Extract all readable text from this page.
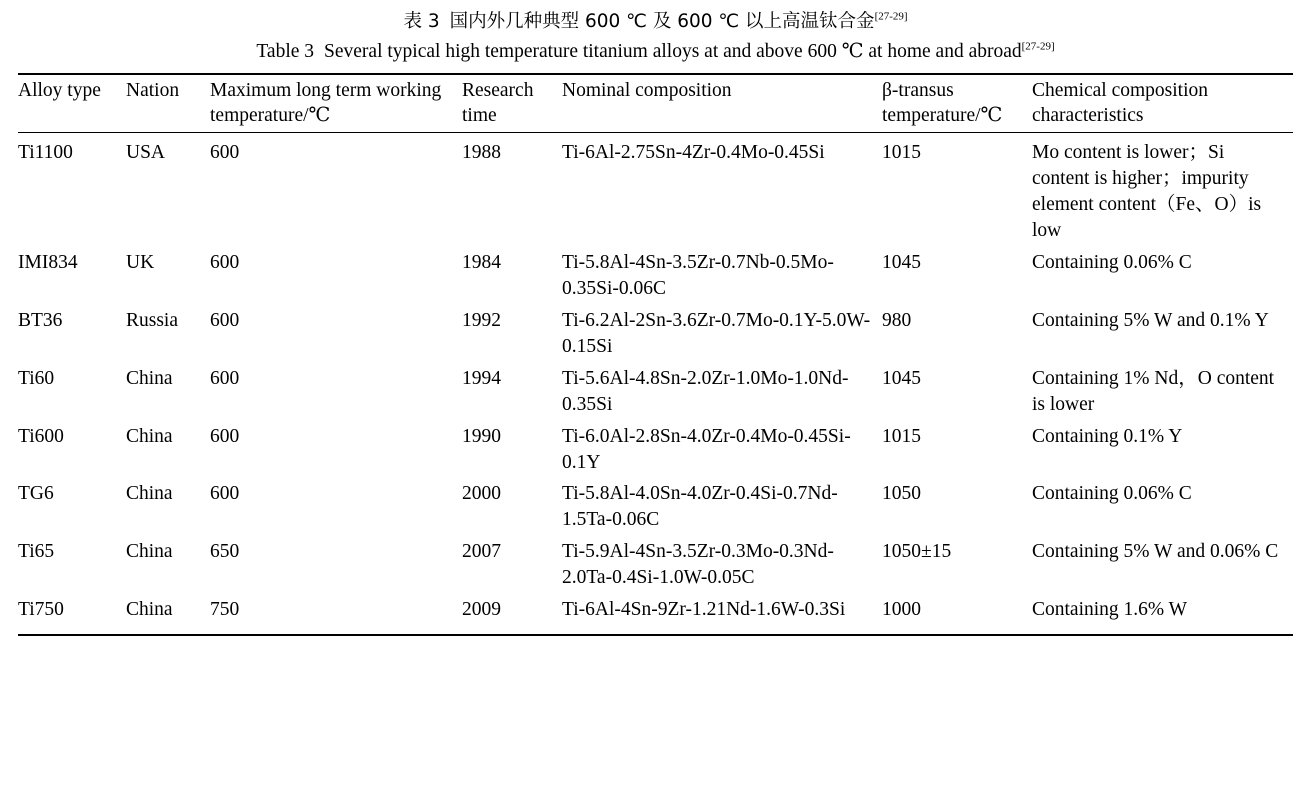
表 3 国内外几种典型 600 ℃ 及 600 ℃ 以上高温钛合金[27-29]
Table 3 Several typical high temperature titanium alloys at and above 600 ℃ at home and abroad[27-29]
Alloy type	Nation	Maximum long term working temperature/℃	Research time	Nominal composition	β-transus temperature/℃	Chemical composition characteristics
Ti1100	USA	600	1988	Ti-6Al-2.75Sn-4Zr-0.4Mo-0.45Si	1015	Mo content is lower；Si content is higher；impurity element content（Fe、O）is low
IMI834	UK	600	1984	Ti-5.8Al-4Sn-3.5Zr-0.7Nb-0.5Mo-0.35Si-0.06C	1045	Containing 0.06% C
BT36	Russia	600	1992	Ti-6.2Al-2Sn-3.6Zr-0.7Mo-0.1Y-5.0W-0.15Si	980	Containing 5% W and 0.1% Y
Ti60	China	600	1994	Ti-5.6Al-4.8Sn-2.0Zr-1.0Mo-1.0Nd-0.35Si	1045	Containing 1% Nd，O content is lower
Ti600	China	600	1990	Ti-6.0Al-2.8Sn-4.0Zr-0.4Mo-0.45Si-0.1Y	1015	Containing 0.1% Y
TG6	China	600	2000	Ti-5.8Al-4.0Sn-4.0Zr-0.4Si-0.7Nd-1.5Ta-0.06C	1050	Containing 0.06% C
Ti65	China	650	2007	Ti-5.9Al-4Sn-3.5Zr-0.3Mo-0.3Nd-2.0Ta-0.4Si-1.0W-0.05C	1050±15	Containing 5% W and 0.06% C
Ti750	China	750	2009	Ti-6Al-4Sn-9Zr-1.21Nd-1.6W-0.3Si	1000	Containing 1.6% W
